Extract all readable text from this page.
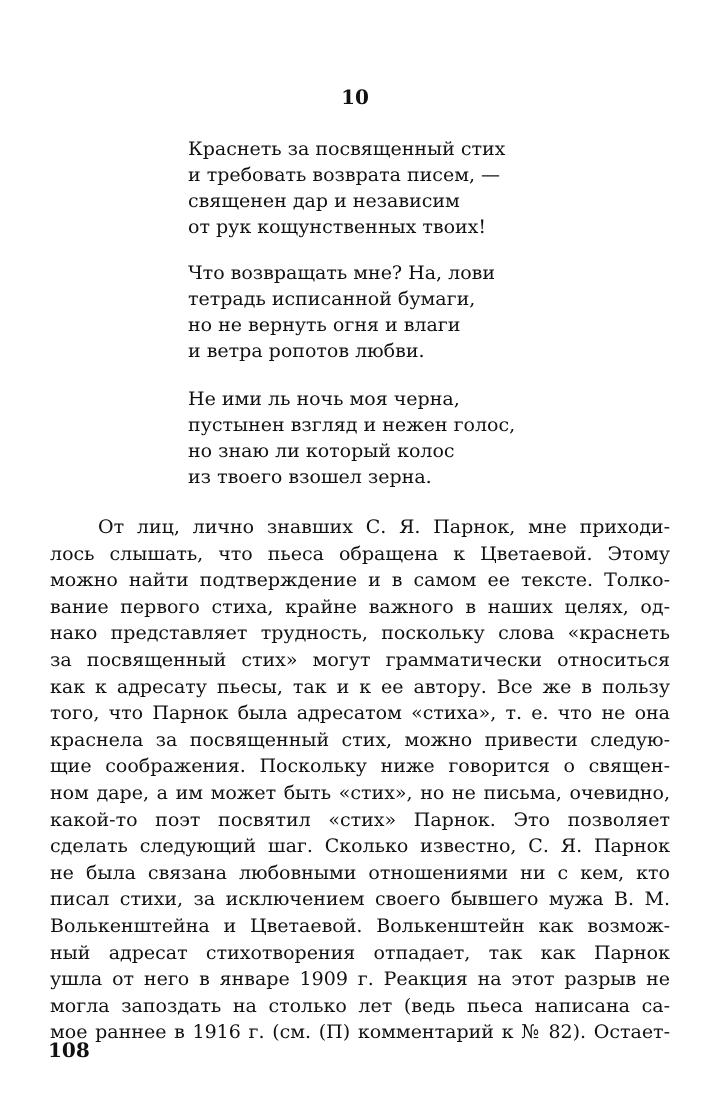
10
Краснеть за посвященный стих
и требовать возврата писем, —
священен дар и независим
от рук кощунственных твоих!
Что возвращать мне? На, лови
тетрадь исписанной бумаги,
но не вернуть огня и влаги
и ветра ропотов любви.
Не ими ль ночь моя черна,
пустынен взгляд и нежен голос,
но знаю ли который колос
из твоего взошел зерна.
От лиц, лично знавших С. Я. Парнок, мне приходи-
лось слышать, что пьеса обращена к Цветаевой. Этому
можно найти подтверждение и в самом ее тексте. Толко-
вание первого стиха, крайне важного в наших целях, од-
нако представляет трудность, поскольку слова «краснеть
за посвященный стих» могут грамматически относиться
как к адресату пьесы, так и к ее автору. Все же в пользу
того, что Парнок была адресатом «стиха», т. е. что не она
краснела за посвященный стих, можно привести следую-
щие соображения. Поскольку ниже говорится о священ-
ном даре, а им может быть «стих», но не письма, очевидно,
какой-то поэт посвятил «стих» Парнок. Это позволяет
сделать следующий шаг. Сколько известно, С. Я. Парнок
не была связана любовными отношениями ни с кем, кто
писал стихи, за исключением своего бывшего мужа В. М.
Волькенштейна и Цветаевой. Волькенштейн как возмож-
ный адресат стихотворения отпадает, так как Парнок
ушла от него в январе 1909 г. Реакция на этот разрыв не
могла запоздать на столько лет (ведь пьеса написана са-
мое раннее в 1916 г. (см. (П) комментарий к № 82). Остает-
108
